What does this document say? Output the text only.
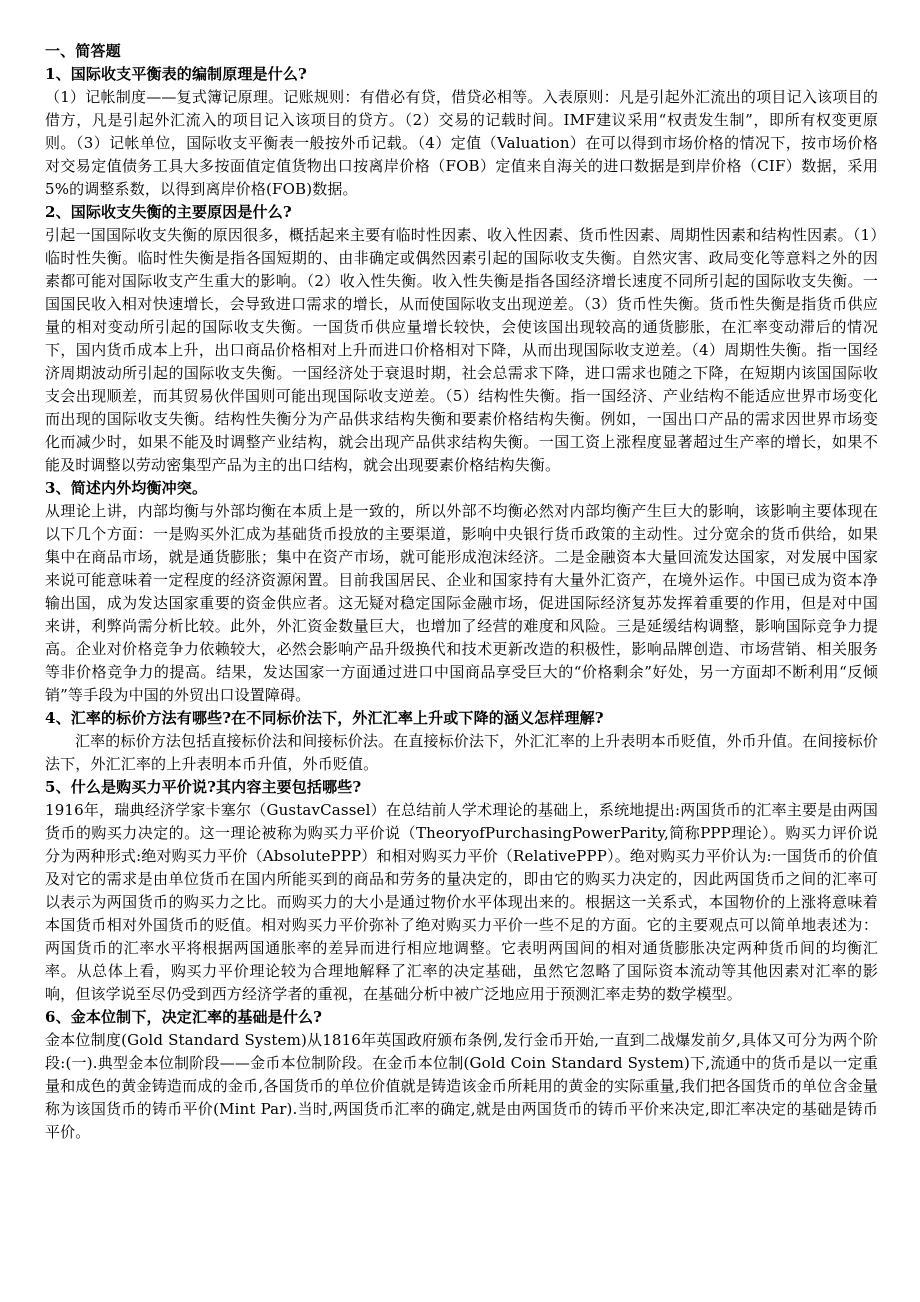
一、简答题

1、国际收支平衡表的编制原理是什么?

（1）记帐制度——复式簿记原理。记账规则：有借必有贷，借贷必相等。入表原则：凡是引起外汇流出的项目记入该项目的借方，凡是引起外汇流入的项目记入该项目的贷方。（2）交易的记载时间。IMF建议采用“权责发生制”，即所有权变更原则。（3）记帐单位，国际收支平衡表一般按外币记载。（4）定值（Valuation）在可以得到市场价格的情况下，按市场价格对交易定值债务工具大多按面值定值货物出口按离岸价格（FOB）定值来自海关的进口数据是到岸价格（CIF）数据，采用5%的调整系数，以得到离岸价格(FOB)数据。

2、国际收支失衡的主要原因是什么?

引起一国国际收支失衡的原因很多，概括起来主要有临时性因素、收入性因素、货币性因素、周期性因素和结构性因素。（1）临时性失衡。临时性失衡是指各国短期的、由非确定或偶然因素引起的国际收支失衡。自然灾害、政局变化等意料之外的因素都可能对国际收支产生重大的影响。（2）收入性失衡。收入性失衡是指各国经济增长速度不同所引起的国际收支失衡。一国国民收入相对快速增长，会导致进口需求的增长，从而使国际收支出现逆差。（3）货币性失衡。货币性失衡是指货币供应量的相对变动所引起的国际收支失衡。一国货币供应量增长较快，会使该国出现较高的通货膨胀，在汇率变动滞后的情况下，国内货币成本上升，出口商品价格相对上升而进口价格相对下降，从而出现国际收支逆差。（4）周期性失衡。指一国经济周期波动所引起的国际收支失衡。一国经济处于衰退时期，社会总需求下降，进口需求也随之下降，在短期内该国国际收支会出现顺差，而其贸易伙伴国则可能出现国际收支逆差。（5）结构性失衡。指一国经济、产业结构不能适应世界市场变化而出现的国际收支失衡。结构性失衡分为产品供求结构失衡和要素价格结构失衡。例如，一国出口产品的需求因世界市场变化而减少时，如果不能及时调整产业结构，就会出现产品供求结构失衡。一国工资上涨程度显著超过生产率的增长，如果不能及时调整以劳动密集型产品为主的出口结构，就会出现要素价格结构失衡。

3、简述内外均衡冲突。

从理论上讲，内部均衡与外部均衡在本质上是一致的，所以外部不均衡必然对内部均衡产生巨大的影响，该影响主要体现在以下几个方面：一是购买外汇成为基础货币投放的主要渠道，影响中央银行货币政策的主动性。过分宽余的货币供给，如果集中在商品市场，就是通货膨胀；集中在资产市场，就可能形成泡沫经济。二是金融资本大量回流发达国家，对发展中国家来说可能意味着一定程度的经济资源闲置。目前我国居民、企业和国家持有大量外汇资产，在境外运作。中国已成为资本净输出国，成为发达国家重要的资金供应者。这无疑对稳定国际金融市场，促进国际经济复苏发挥着重要的作用，但是对中国来讲，利弊尚需分析比较。此外，外汇资金数量巨大，也增加了经营的难度和风险。三是延缓结构调整，影响国际竞争力提高。企业对价格竞争力依赖较大，必然会影响产品升级换代和技术更新改造的积极性，影响品牌创造、市场营销、相关服务等非价格竞争力的提高。结果，发达国家一方面通过进口中国商品享受巨大的“价格剩余”好处，另一方面却不断利用“反倾销”等手段为中国的外贸出口设置障碍。

4、汇率的标价方法有哪些?在不同标价法下，外汇汇率上升或下降的涵义怎样理解?

汇率的标价方法包括直接标价法和间接标价法。在直接标价法下，外汇汇率的上升表明本币贬值，外币升值。在间接标价法下，外汇汇率的上升表明本币升值，外币贬值。

5、什么是购买力平价说?其内容主要包括哪些?

1916年，瑞典经济学家卡塞尔（GustavCassel）在总结前人学术理论的基础上，系统地提出:两国货币的汇率主要是由两国货币的购买力决定的。这一理论被称为购买力平价说（TheoryofPurchasingPowerParity,简称PPP理论）。购买力评价说分为两种形式:绝对购买力平价（AbsolutePPP）和相对购买力平价（RelativePPP）。绝对购买力平价认为:一国货币的价值及对它的需求是由单位货币在国内所能买到的商品和劳务的量决定的，即由它的购买力决定的，因此两国货币之间的汇率可以表示为两国货币的购买力之比。而购买力的大小是通过物价水平体现出来的。根据这一关系式，本国物价的上涨将意味着本国货币相对外国货币的贬值。相对购买力平价弥补了绝对购买力平价一些不足的方面。它的主要观点可以简单地表述为：两国货币的汇率水平将根据两国通胀率的差异而进行相应地调整。它表明两国间的相对通货膨胀决定两种货币间的均衡汇率。从总体上看，购买力平价理论较为合理地解释了汇率的决定基础，虽然它忽略了国际资本流动等其他因素对汇率的影响，但该学说至尽仍受到西方经济学者的重视，在基础分析中被广泛地应用于预测汇率走势的数学模型。

6、金本位制下，决定汇率的基础是什么?

金本位制度(Gold Standard System)从1816年英国政府颁布条例,发行金币开始,一直到二战爆发前夕,具体又可分为两个阶段:(一).典型金本位制阶段——金币本位制阶段。在金币本位制(Gold Coin Standard System)下,流通中的货币是以一定重量和成色的黄金铸造而成的金币,各国货币的单位价值就是铸造该金币所耗用的黄金的实际重量,我们把各国货币的单位含金量称为该国货币的铸币平价(Mint Par).当时,两国货币汇率的确定,就是由两国货币的铸币平价来决定,即汇率决定的基础是铸币平价。
